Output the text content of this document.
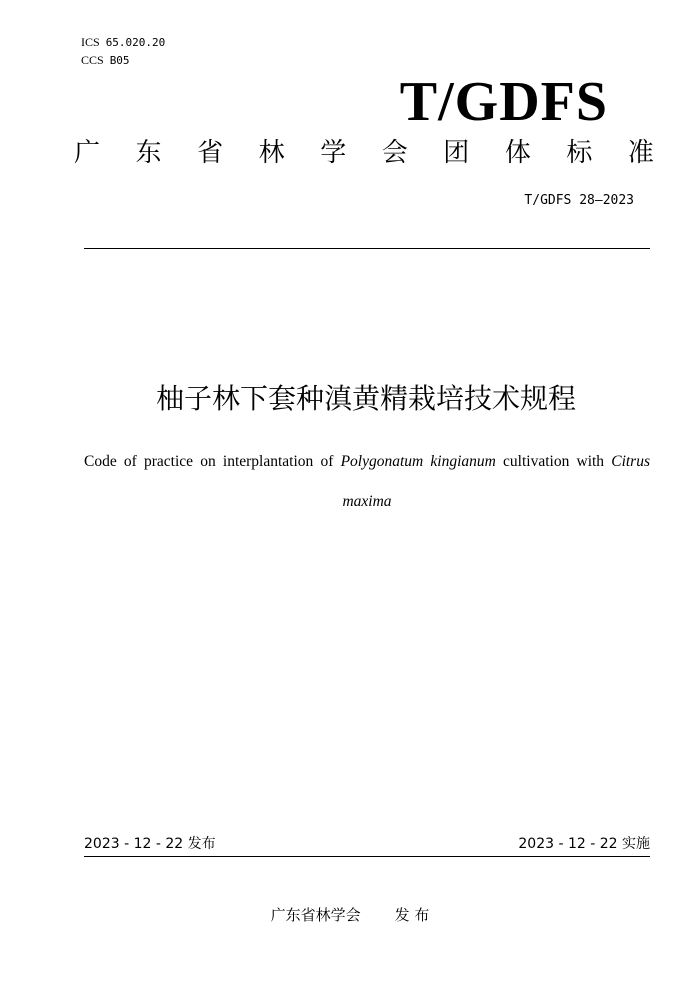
ICS 65.020.20
CCS B05
T/GDFS
广 东 省 林 学 会 团 体 标 准
T/GDFS 28—2023
柚子林下套种滇黄精栽培技术规程
Code of practice on interplantation of Polygonatum kingianum cultivation with Citrus
maxima
2023 - 12 - 22 发布	2023 - 12 - 22 实施
广东省林学会 发 布
